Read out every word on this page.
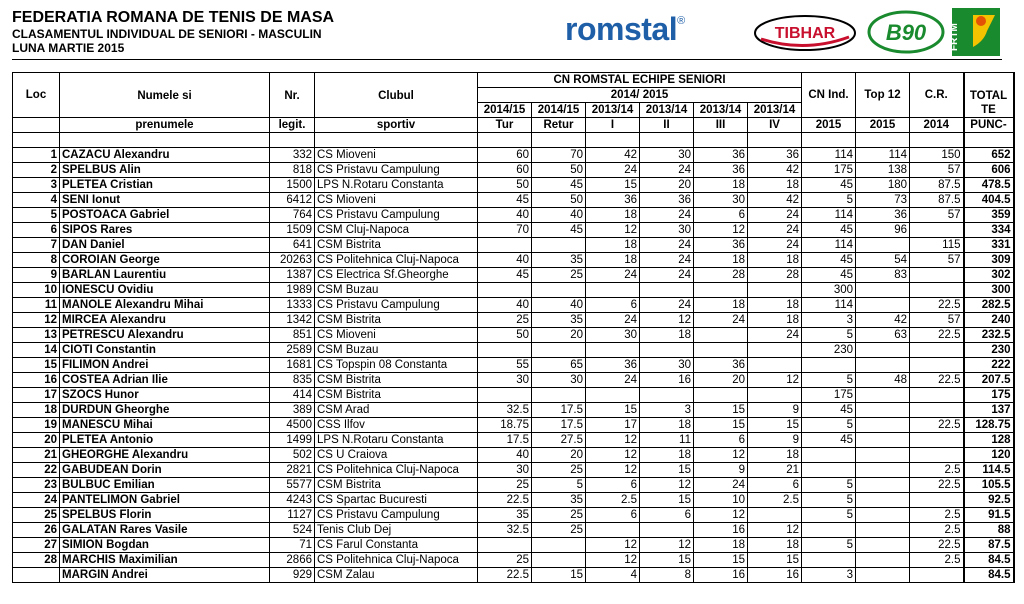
FEDERATIA ROMANA DE TENIS DE MASA
CLASAMENTUL INDIVIDUAL DE SENIORI - MASCULIN
LUNA MARTIE 2015
romstal®
TIBHAR B90 FRTM
Loc	Numele si	Nr.	Clubul	CN ROMSTAL ECHIPE SENIORI						CN Ind.	Top 12	C.R.	TOTAL
TE

				2014/ 2015									
				2014/15	2014/15	2013/14	2013/14	2013/14	2013/14				
	prenumele	legit.	sportiv	Tur	Retur	I	II	III	IV	2015	2015	2014	PUNC-

1	CAZACU Alexandru	332	CS Mioveni	60	70	42	30	36	36	114	114	150	652
2	SPELBUS Alin	818	CS Pristavu Campulung	60	50	24	24	36	42	175	138	57	606
3	PLETEA Cristian	1500	LPS N.Rotaru Constanta	50	45	15	20	18	18	45	180	87.5	478.5
4	SENI Ionut	6412	CS Mioveni	45	50	36	36	30	42	5	73	87.5	404.5
5	POSTOACA Gabriel	764	CS Pristavu Campulung	40	40	18	24	6	24	114	36	57	359
6	SIPOS Rares	1509	CSM Cluj-Napoca	70	45	12	30	12	24	45	96		334
7	DAN Daniel	641	CSM Bistrita			18	24	36	24	114		115	331
8	COROIAN George	20263	CS Politehnica Cluj-Napoca	40	35	18	24	18	18	45	54	57	309
9	BARLAN Laurentiu	1387	CS Electrica Sf.Gheorghe	45	25	24	24	28	28	45	83		302
10	IONESCU Ovidiu	1989	CSM Buzau							300			300
11	MANOLE Alexandru Mihai	1333	CS Pristavu Campulung	40	40	6	24	18	18	114		22.5	282.5
12	MIRCEA Alexandru	1342	CSM Bistrita	25	35	24	12	24	18	3	42	57	240
13	PETRESCU Alexandru	851	CS Mioveni	50	20	30	18		24	5	63	22.5	232.5
14	CIOTI Constantin	2589	CSM Buzau							230			230
15	FILIMON Andrei	1681	CS Topspin 08 Constanta	55	65	36	30	36					222
16	COSTEA Adrian Ilie	835	CSM Bistrita	30	30	24	16	20	12	5	48	22.5	207.5
17	SZOCS Hunor	414	CSM Bistrita							175			175
18	DURDUN Gheorghe	389	CSM Arad	32.5	17.5	15	3	15	9	45			137
19	MANESCU Mihai	4500	CSS Ilfov	18.75	17.5	17	18	15	15	5		22.5	128.75
20	PLETEA Antonio	1499	LPS N.Rotaru Constanta	17.5	27.5	12	11	6	9	45			128
21	GHEORGHE Alexandru	502	CS U Craiova	40	20	12	18	12	18				120
22	GABUDEAN Dorin	2821	CS Politehnica Cluj-Napoca	30	25	12	15	9	21			2.5	114.5
23	BULBUC Emilian	5577	CSM Bistrita	25	5	6	12	24	6	5		22.5	105.5
24	PANTELIMON Gabriel	4243	CS Spartac Bucuresti	22.5	35	2.5	15	10	2.5	5			92.5
25	SPELBUS Florin	1127	CS Pristavu Campulung	35	25	6	6	12		5		2.5	91.5
26	GALATAN Rares Vasile	524	Tenis Club Dej	32.5	25			16	12			2.5	88
27	SIMION Bogdan	71	CS Farul Constanta			12	12	18	18	5		22.5	87.5
28	MARCHIS Maximilian	2866	CS Politehnica Cluj-Napoca	25		12	15	15	15			2.5	84.5
	MARGIN Andrei	929	CSM Zalau	22.5	15	4	8	16	16	3			84.5
